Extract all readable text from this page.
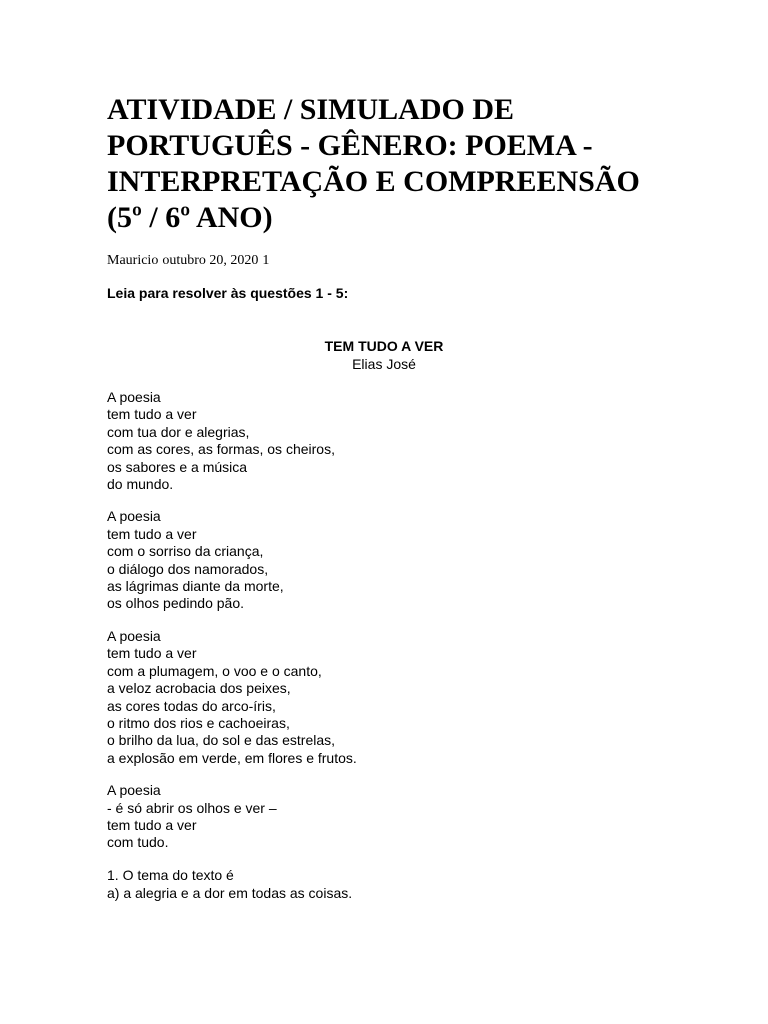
ATIVIDADE / SIMULADO DE PORTUGUÊS - GÊNERO: POEMA - INTERPRETAÇÃO E COMPREENSÃO (5º / 6º ANO)
Mauricio outubro 20, 2020 1
Leia para resolver às questões 1 - 5:
TEM TUDO A VER
Elias José
A poesia
tem tudo a ver
com tua dor e alegrias,
com as cores, as formas, os cheiros,
os sabores e a música
do mundo.
A poesia
tem tudo a ver
com o sorriso da criança,
o diálogo dos namorados,
as lágrimas diante da morte,
os olhos pedindo pão.
A poesia
tem tudo a ver
com a plumagem, o voo e o canto,
a veloz acrobacia dos peixes,
as cores todas do arco-íris,
o ritmo dos rios e cachoeiras,
o brilho da lua, do sol e das estrelas,
a explosão em verde, em flores e frutos.
A poesia
- é só abrir os olhos e ver –
tem tudo a ver
com tudo.
1. O tema do texto é
a) a alegria e a dor em todas as coisas.
